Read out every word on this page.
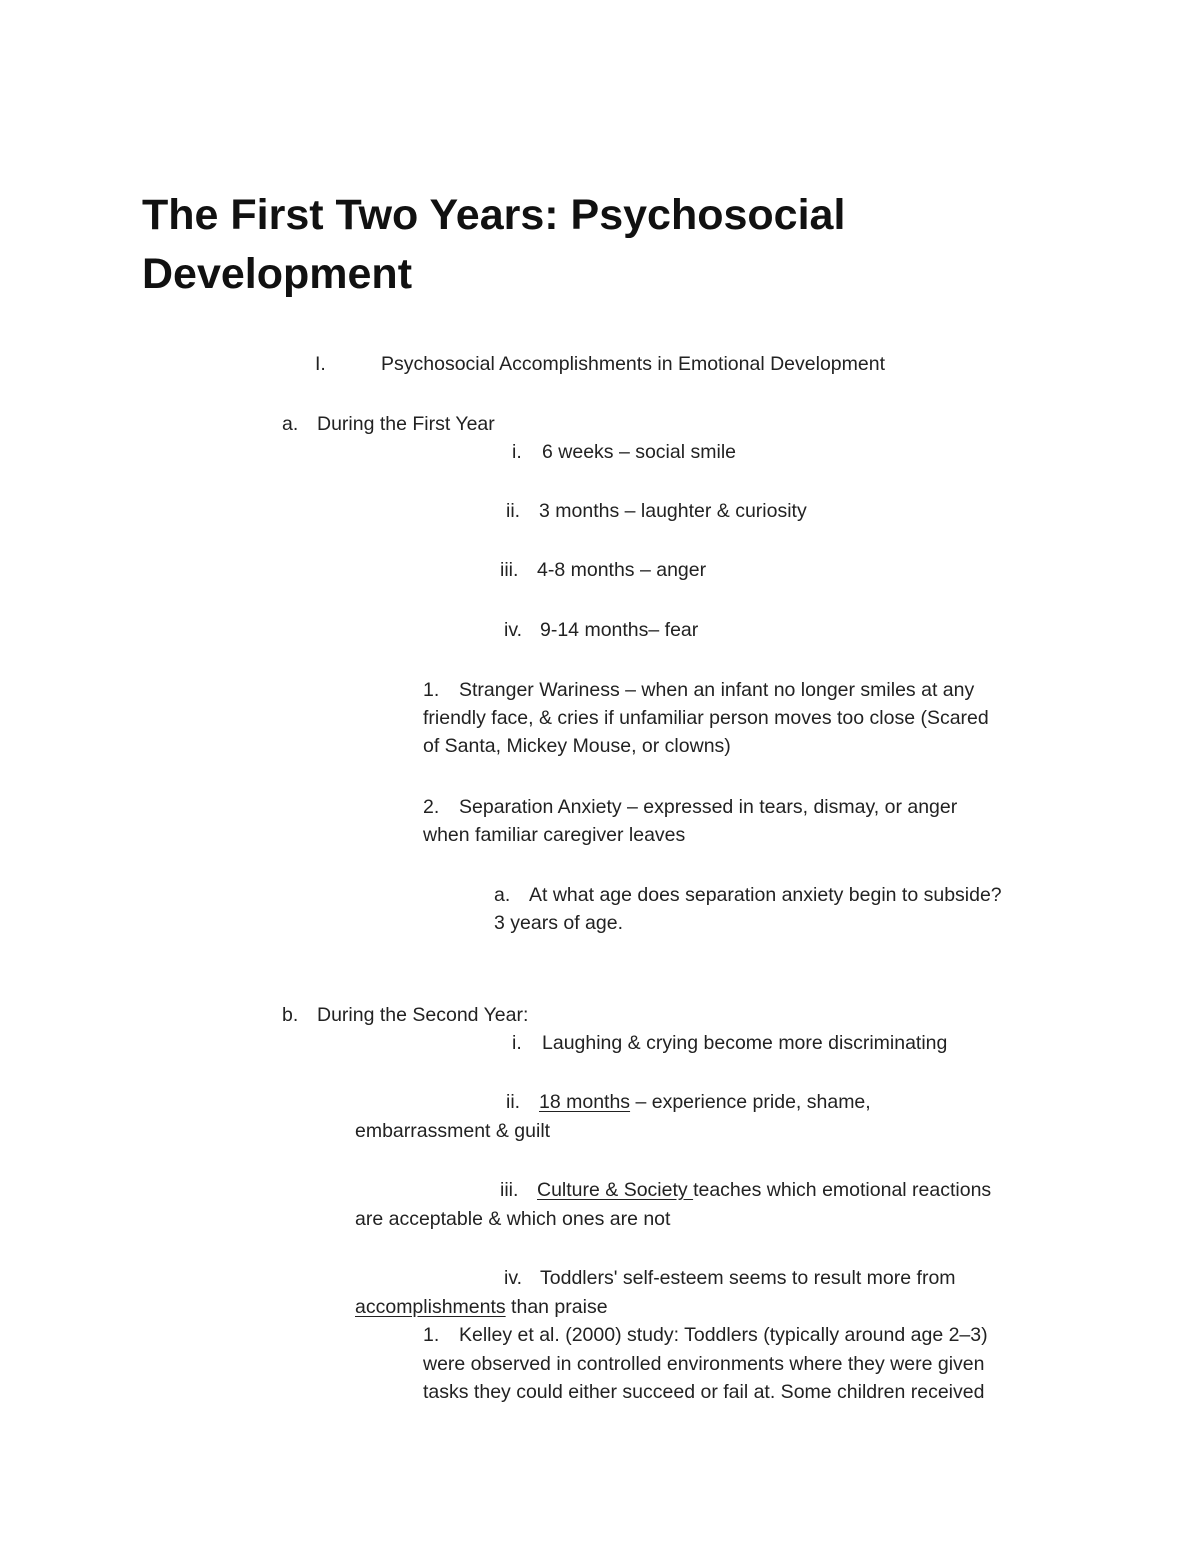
The First Two Years: Psychosocial
Development
I.	Psychosocial Accomplishments in Emotional Development
a. During the First Year
i. 6 weeks – social smile
ii. 3 months – laughter & curiosity
iii. 4-8 months – anger
iv. 9-14 months– fear
1. Stranger Wariness – when an infant no longer smiles at any
friendly face, & cries if unfamiliar person moves too close (Scared
of Santa, Mickey Mouse, or clowns)
2. Separation Anxiety – expressed in tears, dismay, or anger
when familiar caregiver leaves
a. At what age does separation anxiety begin to subside?
3 years of age.
b. During the Second Year:
i. Laughing & crying become more discriminating
ii. 18 months – experience pride, shame,
embarrassment & guilt
iii. Culture & Society teaches which emotional reactions
are acceptable & which ones are not
iv. Toddlers' self-esteem seems to result more from
accomplishments than praise
1. Kelley et al. (2000) study: Toddlers (typically around age 2–3)
were observed in controlled environments where they were given
tasks they could either succeed or fail at. Some children received
